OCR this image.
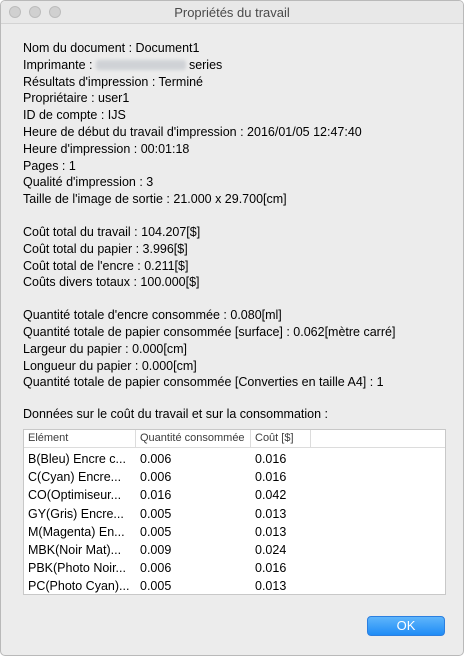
Propriétés du travail
Nom du document : Document1
Imprimante :	series
Résultats d'impression : Terminé
Propriétaire : user1
ID de compte : IJS
Heure de début du travail d'impression : 2016/01/05 12:47:40
Heure d'impression : 00:01:18
Pages : 1
Qualité d'impression : 3
Taille de l'image de sortie : 21.000 x 29.700[cm]
Coût total du travail : 104.207[$]
Coût total du papier : 3.996[$]
Coût total de l'encre : 0.211[$]
Coûts divers totaux : 100.000[$]
Quantité totale d'encre consommée : 0.080[ml]
Quantité totale de papier consommée [surface] : 0.062[mètre carré]
Largeur du papier : 0.000[cm]
Longueur du papier : 0.000[cm]
Quantité totale de papier consommée [Converties en taille A4] : 1
Données sur le coût du travail et sur la consommation :
Elément	Quantité consommée Coût [$]
B(Bleu) Encre c...	0.006	0.016
C(Cyan) Encre...	0.006	0.016
CO(Optimiseur...	0.016	0.042
GY(Gris) Encre...	0.005	0.013
M(Magenta) En...	0.005	0.013
MBK(Noir Mat)...	0.009	0.024
PBK(Photo Noir...	0.006	0.016
PC(Photo Cyan)... 0.005	0.013
OK
